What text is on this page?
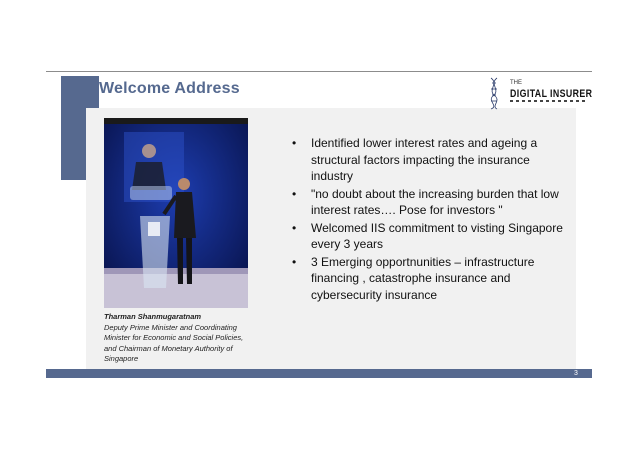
Welcome Address	THE
DIGITAL INSURER
Tharman Shanmugaratnam
Deputy Prime Minister and Coordinating
Minister for Economic and Social Policies,
and Chairman of Monetary Authority of
Singapore
• Identified lower interest rates and ageing a structural factors impacting the insurance industry
• "no doubt about the increasing burden that low interest rates…. Pose for investors "
• Welcomed IIS commitment to visting Singapore every 3 years
• 3 Emerging opportnunities – infrastructure financing , catastrophe insurance and cybersecurity insurance
3
